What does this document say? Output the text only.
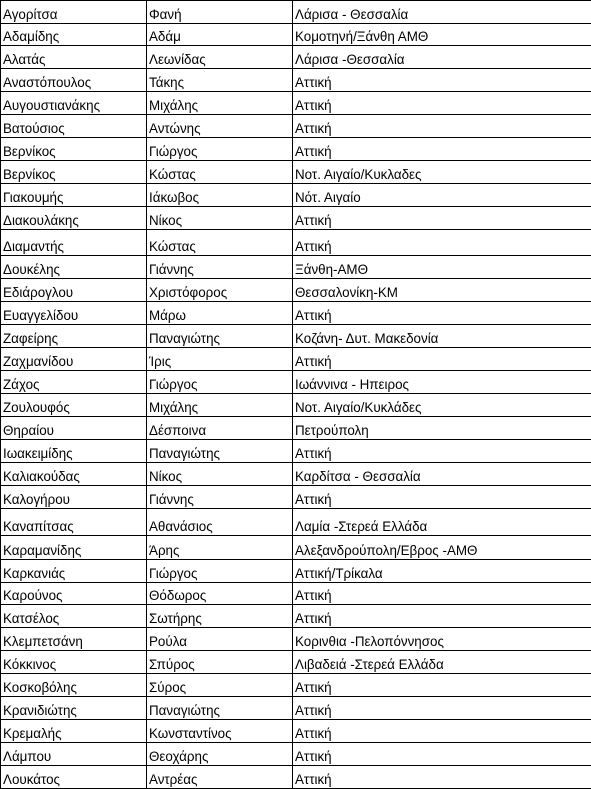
Αγορίτσα	Φανή	Λάρισα - Θεσσαλία
Αδαμίδης	Αδάμ	Κομοτηνή/Ξάνθη ΑΜΘ
Αλατάς	Λεωνίδας	Λάρισα -Θεσσαλία
Αναστόπουλος	Τάκης	Αττική
Αυγουστιανάκης	Μιχάλης	Αττική
Βατούσιος	Αντώνης	Αττική
Βερνίκος	Γιώργος	Αττική
Βερνίκος	Κώστας	Νοτ. Αιγαίο/Κυκλαδες
Γιακουμής	Ιάκωβος	Νότ. Αιγαίο
Διακουλάκης	Νίκος	Αττική
Διαμαντής	Κώστας	Αττική
Δουκέλης	Γιάννης	Ξάνθη-ΑΜΘ
Εδιάρογλου	Χριστόφορος	Θεσσαλονίκη-ΚΜ
Ευαγγελίδου	Μάρω	Αττική
Ζαφείρης	Παναγιώτης	Κοζάνη- Δυτ. Μακεδονία
Ζαχμανίδου	Ίρις	Αττική
Ζάχος	Γιώργος	Ιωάννινα - Ηπειρος
Ζουλουφός	Μιχάλης	Νοτ. Αιγαίο/Κυκλάδες
Θηραίου	Δέσποινα	Πετρούπολη
Ιωακειμίδης	Παναγιώτης	Αττική
Καλιακούδας	Νίκος	Καρδίτσα - Θεσσαλία
Καλογήρου	Γιάννης	Αττική
Καναπίτσας	Αθανάσιος	Λαμία -Στερεά Ελλάδα
Καραμανίδης	Άρης	Αλεξανδρούπολη/Εβρος -ΑΜΘ
Καρκανιάς	Γιώργος	Αττική/Τρίκαλα
Καρούνος	Θόδωρος	Αττική
Κατσέλος	Σωτήρης	Αττική
Κλεμπετσάνη	Ρούλα	Κορινθια -Πελοπόννησος
Κόκκινος	Σπύρος	Λιβαδειά -Στερεά Ελλάδα
Κοσκοβόλης	Σύρος	Αττική
Κρανιδιώτης	Παναγιώτης	Αττική
Κρεμαλής	Κωνσταντίνος	Αττική
Λάμπου	Θεοχάρης	Αττική
Λουκάτος	Αντρέας	Αττική
